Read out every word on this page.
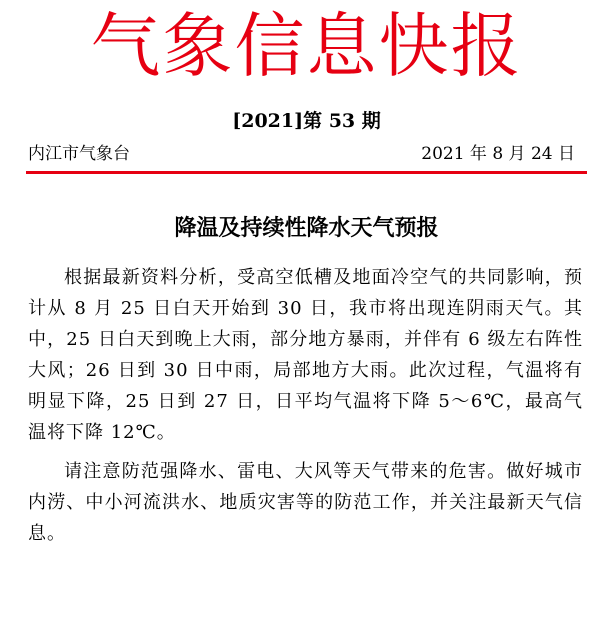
气象信息快报
[2021]第 53 期
内江市气象台	2021 年 8 月 24 日
降温及持续性降水天气预报

根据最新资料分析，受高空低槽及地面冷空气的共同影响，预计从 8 月 25 日白天开始到 30 日，我市将出现连阴雨天气。其中，25 日白天到晚上大雨，部分地方暴雨，并伴有 6 级左右阵性大风；26 日到 30 日中雨，局部地方大雨。此次过程，气温将有明显下降，25 日到 27 日，日平均气温将下降 5～6℃，最高气温将下降 12℃。

请注意防范强降水、雷电、大风等天气带来的危害。做好城市内涝、中小河流洪水、地质灾害等的防范工作，并关注最新天气信息。
